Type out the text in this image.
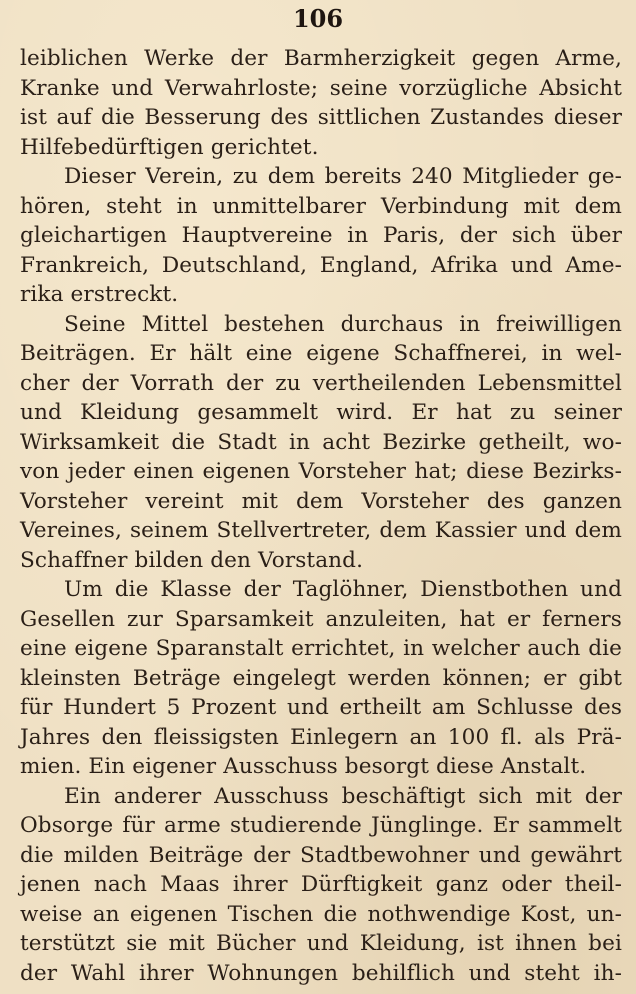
106
leiblichen Werke der Barmherzigkeit gegen Arme,
Kranke und Verwahrloste; seine vorzügliche Absicht
ist auf die Besserung des sittlichen Zustandes dieser
Hilfebedürftigen gerichtet.
Dieser Verein, zu dem bereits 240 Mitglieder ge-
hören, steht in unmittelbarer Verbindung mit dem
gleichartigen Hauptvereine in Paris, der sich über
Frankreich, Deutschland, England, Afrika und Ame-
rika erstreckt.
Seine Mittel bestehen durchaus in freiwilligen
Beiträgen. Er hält eine eigene Schaffnerei, in wel-
cher der Vorrath der zu vertheilenden Lebensmittel
und Kleidung gesammelt wird. Er hat zu seiner
Wirksamkeit die Stadt in acht Bezirke getheilt, wo-
von jeder einen eigenen Vorsteher hat; diese Bezirks-
Vorsteher vereint mit dem Vorsteher des ganzen
Vereines, seinem Stellvertreter, dem Kassier und dem
Schaffner bilden den Vorstand.
Um die Klasse der Taglöhner, Dienstbothen und
Gesellen zur Sparsamkeit anzuleiten, hat er ferners
eine eigene Sparanstalt errichtet, in welcher auch die
kleinsten Beträge eingelegt werden können; er gibt
für Hundert 5 Prozent und ertheilt am Schlusse des
Jahres den fleissigsten Einlegern an 100 fl. als Prä-
mien. Ein eigener Ausschuss besorgt diese Anstalt.
Ein anderer Ausschuss beschäftigt sich mit der
Obsorge für arme studierende Jünglinge. Er sammelt
die milden Beiträge der Stadtbewohner und gewährt
jenen nach Maas ihrer Dürftigkeit ganz oder theil-
weise an eigenen Tischen die nothwendige Kost, un-
terstützt sie mit Bücher und Kleidung, ist ihnen bei
der Wahl ihrer Wohnungen behilflich und steht ih-
